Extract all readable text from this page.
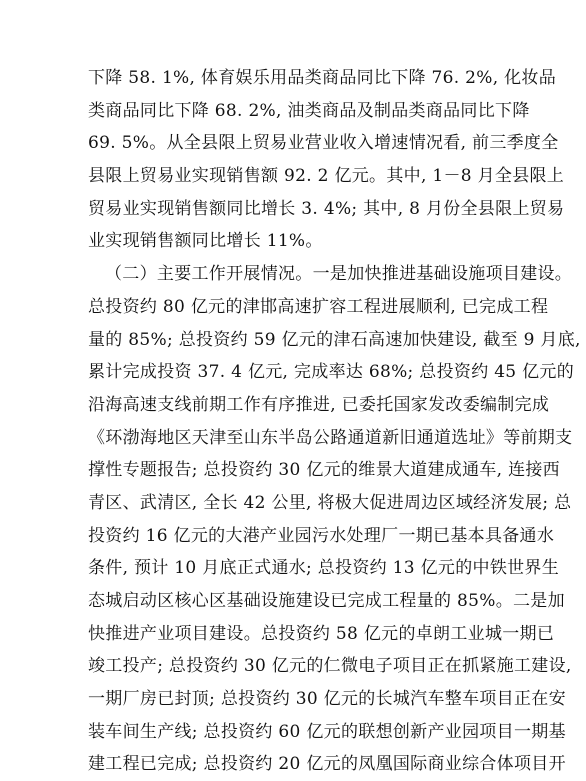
下降 58. 1%, 体育娱乐用品类商品同比下降 76. 2%, 化妆品
类商品同比下降 68. 2%, 油类商品及制品类商品同比下降
69. 5%。从全县限上贸易业营业收入增速情况看, 前三季度全
县限上贸易业实现销售额 92. 2 亿元。其中, 1－8 月全县限上
贸易业实现销售额同比增长 3. 4%; 其中, 8 月份全县限上贸易
业实现销售额同比增长 11%。
（二）主要工作开展情况。一是加快推进基础设施项目建设。
总投资约 80 亿元的津邯高速扩容工程进展顺利, 已完成工程
量的 85%; 总投资约 59 亿元的津石高速加快建设, 截至 9 月底,
累计完成投资 37. 4 亿元, 完成率达 68%; 总投资约 45 亿元的
沿海高速支线前期工作有序推进, 已委托国家发改委编制完成
《环渤海地区天津至山东半岛公路通道新旧通道选址》等前期支
撑性专题报告; 总投资约 30 亿元的维景大道建成通车, 连接西
青区、武清区, 全长 42 公里, 将极大促进周边区域经济发展; 总
投资约 16 亿元的大港产业园污水处理厂一期已基本具备通水
条件, 预计 10 月底正式通水; 总投资约 13 亿元的中铁世界生
态城启动区核心区基础设施建设已完成工程量的 85%。二是加
快推进产业项目建设。总投资约 58 亿元的卓朗工业城一期已
竣工投产; 总投资约 30 亿元的仁微电子项目正在抓紧施工建设,
一期厂房已封顶; 总投资约 30 亿元的长城汽车整车项目正在安
装车间生产线; 总投资约 60 亿元的联想创新产业园项目一期基
建工程已完成; 总投资约 20 亿元的凤凰国际商业综合体项目开
